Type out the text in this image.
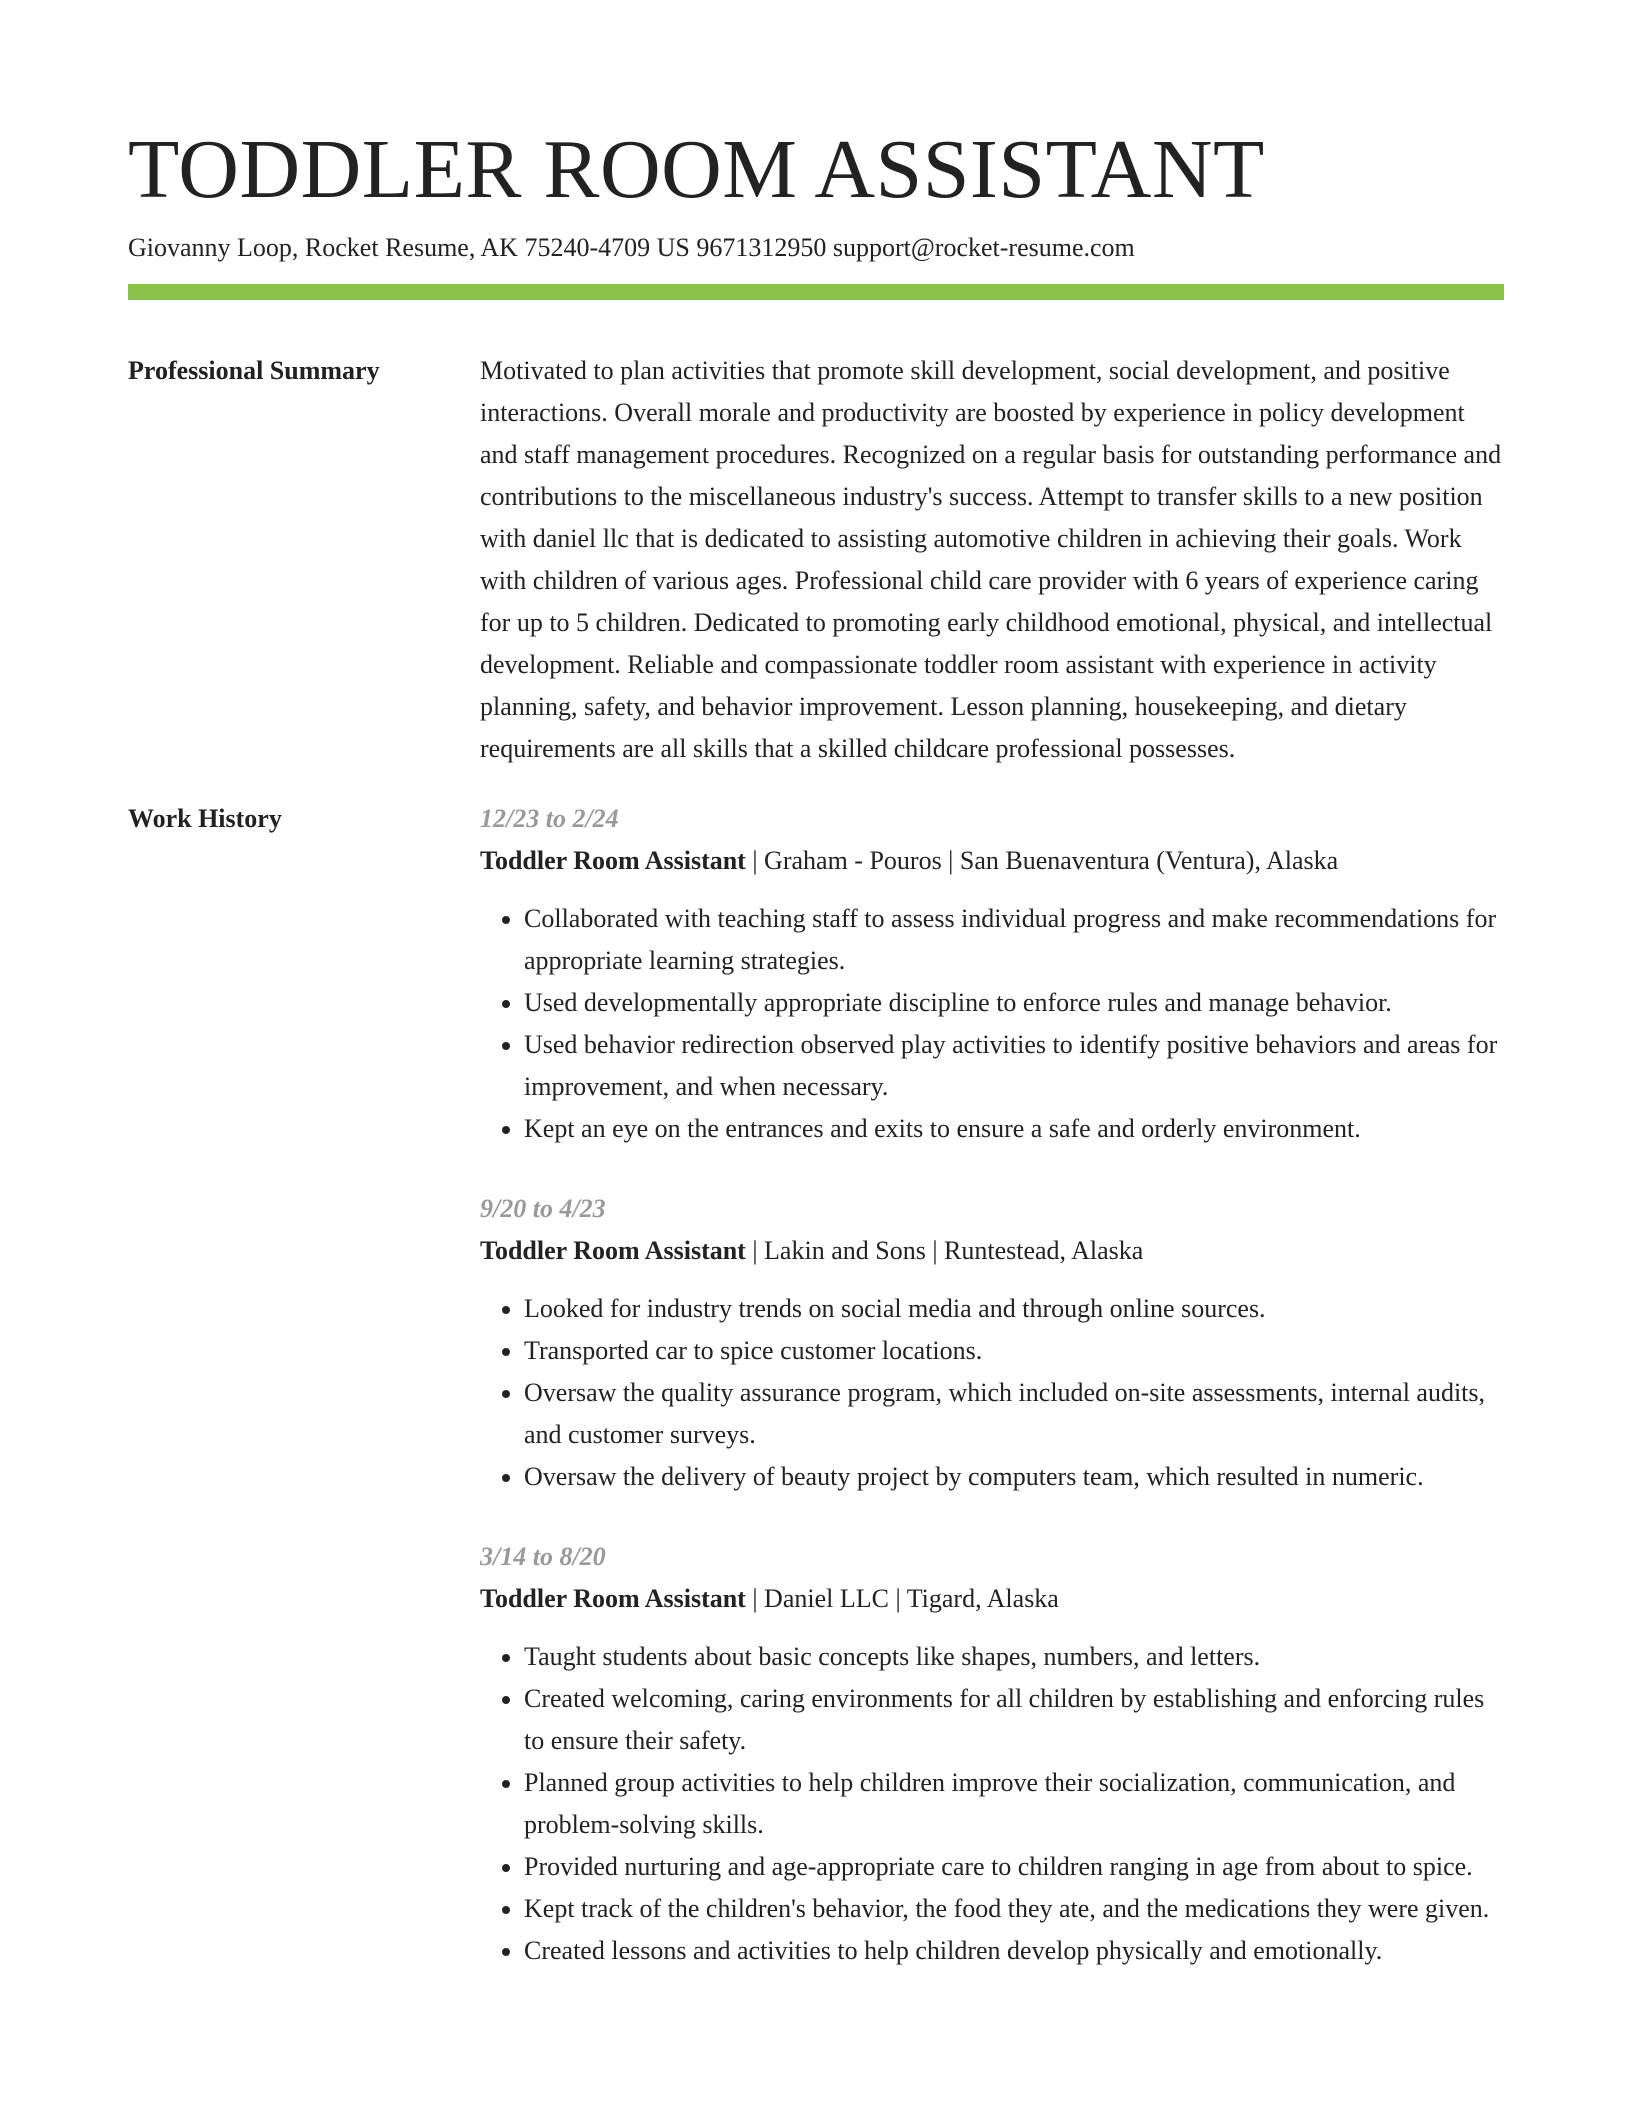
TODDLER ROOM ASSISTANT
Giovanny Loop, Rocket Resume, AK 75240-4709 US 9671312950 support@rocket-resume.com
Professional Summary	Motivated to plan activities that promote skill development, social development, and positive interactions. Overall morale and productivity are boosted by experience in policy development and staff management procedures. Recognized on a regular basis for outstanding performance and contributions to the miscellaneous industry's success. Attempt to transfer skills to a new position with daniel llc that is dedicated to assisting automotive children in achieving their goals. Work with children of various ages. Professional child care provider with 6 years of experience caring for up to 5 children. Dedicated to promoting early childhood emotional, physical, and intellectual development. Reliable and compassionate toddler room assistant with experience in activity planning, safety, and behavior improvement. Lesson planning, housekeeping, and dietary requirements are all skills that a skilled childcare professional possesses.

Work History	12/23 to 2/24
Toddler Room Assistant | Graham - Pouros | San Buenaventura (Ventura), Alaska
• Collaborated with teaching staff to assess individual progress and make recommendations for appropriate learning strategies.
• Used developmentally appropriate discipline to enforce rules and manage behavior.
• Used behavior redirection observed play activities to identify positive behaviors and areas for improvement, and when necessary.
• Kept an eye on the entrances and exits to ensure a safe and orderly environment.
9/20 to 4/23
Toddler Room Assistant | Lakin and Sons | Runtestead, Alaska
• Looked for industry trends on social media and through online sources.
• Transported car to spice customer locations.
• Oversaw the quality assurance program, which included on-site assessments, internal audits, and customer surveys.
• Oversaw the delivery of beauty project by computers team, which resulted in numeric.
3/14 to 8/20
Toddler Room Assistant | Daniel LLC | Tigard, Alaska
• Taught students about basic concepts like shapes, numbers, and letters.
• Created welcoming, caring environments for all children by establishing and enforcing rules to ensure their safety.
• Planned group activities to help children improve their socialization, communication, and problem-solving skills.
• Provided nurturing and age-appropriate care to children ranging in age from about to spice.
• Kept track of the children's behavior, the food they ate, and the medications they were given.
• Created lessons and activities to help children develop physically and emotionally.
